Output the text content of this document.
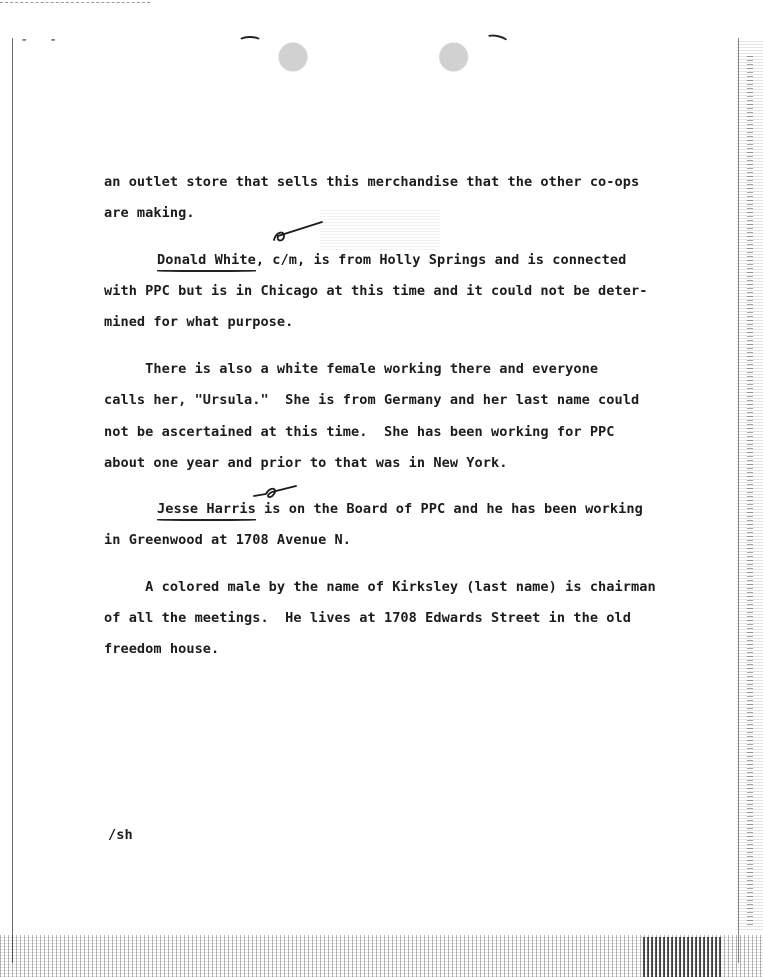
- -
an outlet store that sells this merchandise that the other co-ops
are making.
Donald White, c/m, is from Holly Springs and is connected
with PPC but is in Chicago at this time and it could not be deter-
mined for what purpose.
There is also a white female working there and everyone
calls her, "Ursula."  She is from Germany and her last name could
not be ascertained at this time.  She has been working for PPC
about one year and prior to that was in New York.
Jesse Harris is on the Board of PPC and he has been working
in Greenwood at 1708 Avenue N.
A colored male by the name of Kirksley (last name) is chairman
of all the meetings.  He lives at 1708 Edwards Street in the old
freedom house.
/sh
